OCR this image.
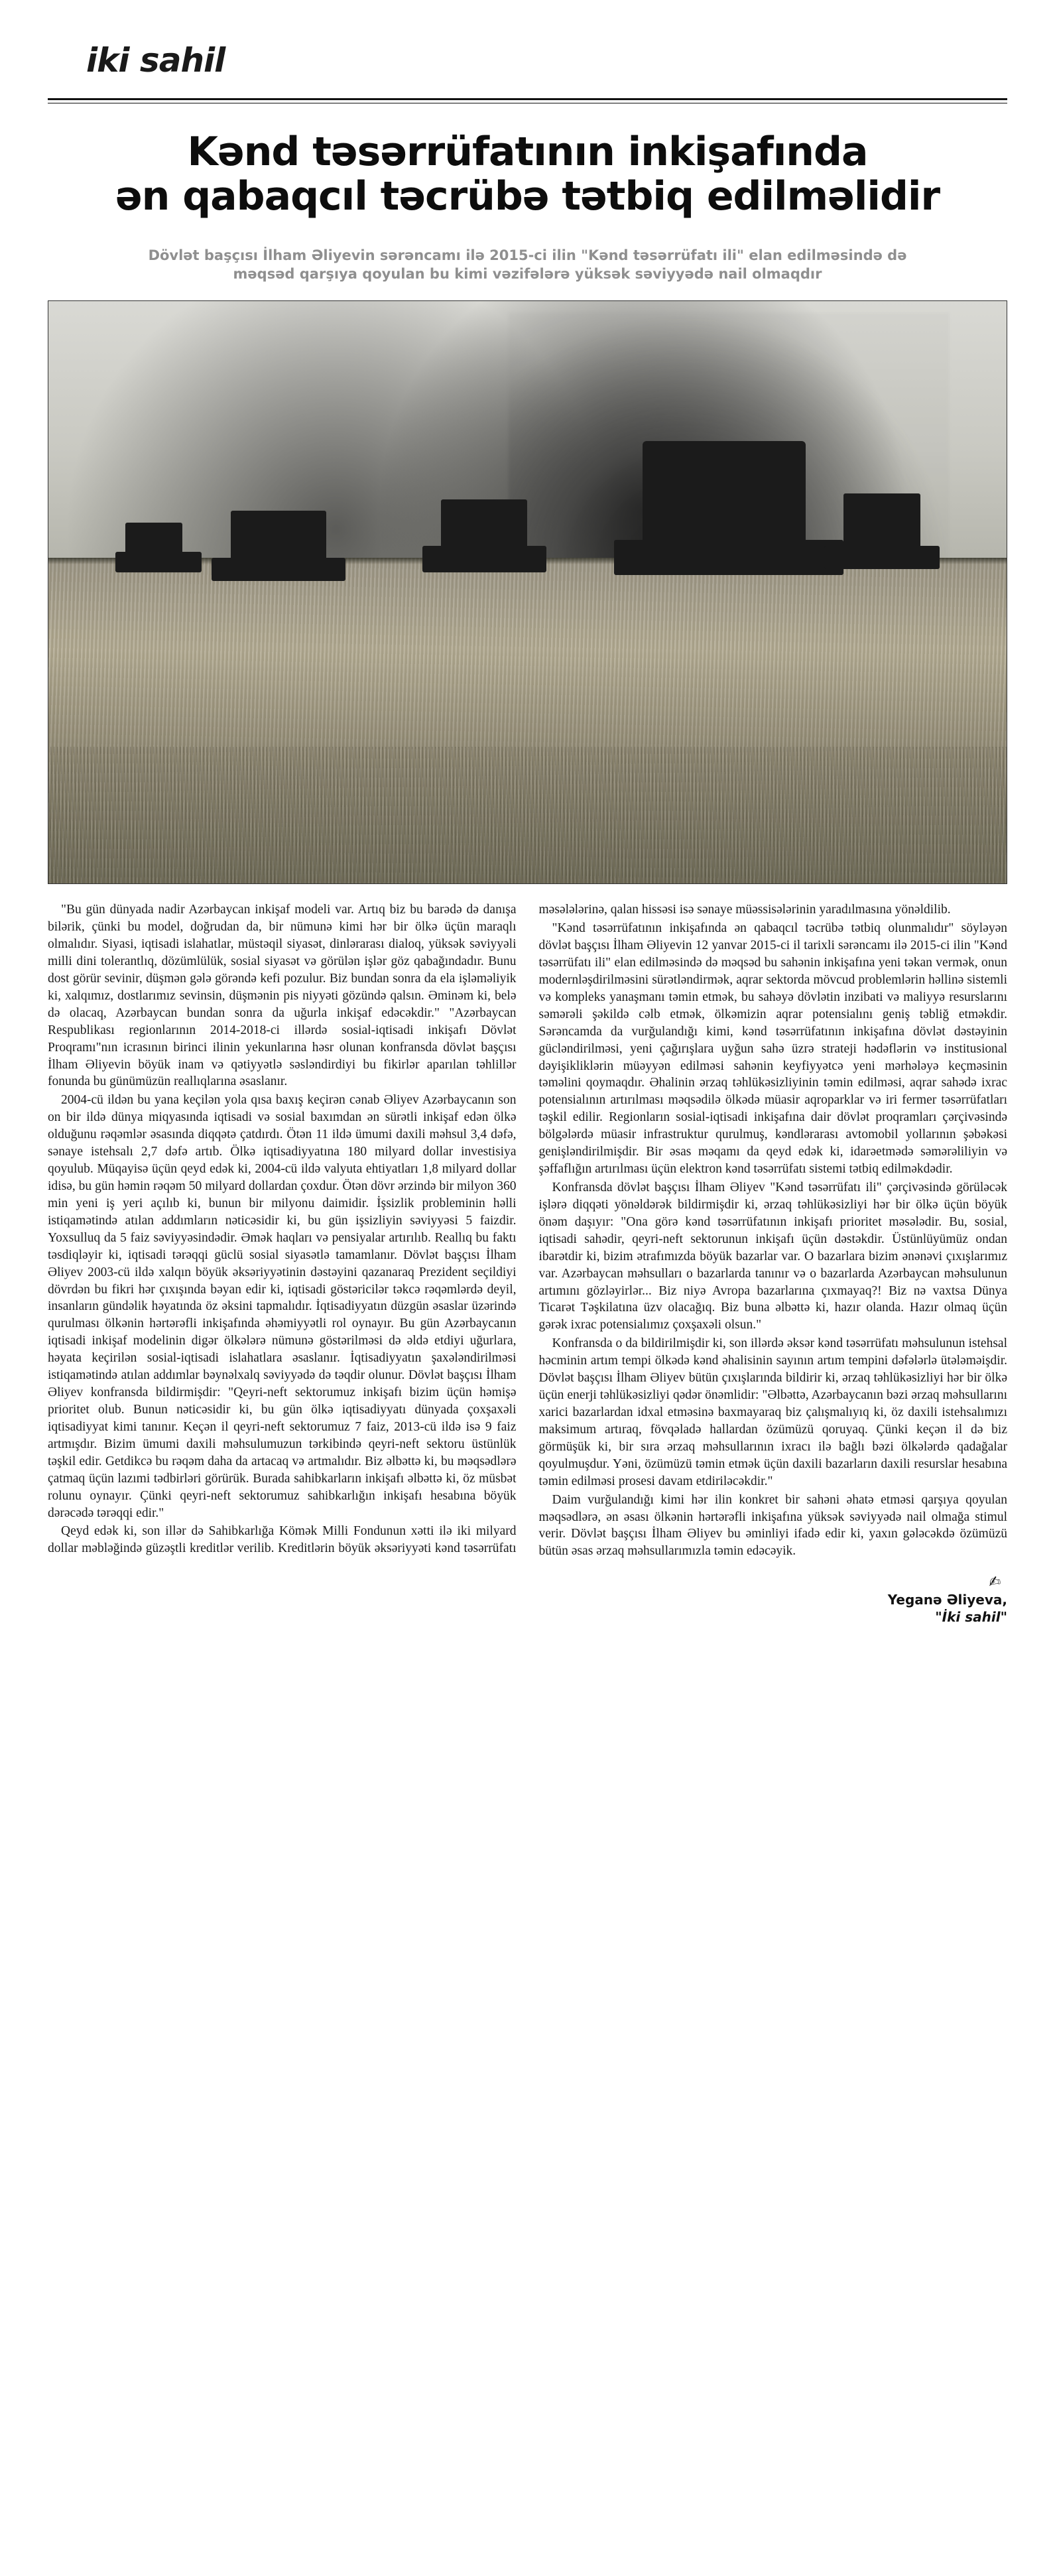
iki sahil
Kənd təsərrüfatının inkişafında
ən qabaqcıl təcrübə tətbiq edilməlidir
Dövlət başçısı İlham Əliyevin sərəncamı ilə 2015-ci ilin "Kənd təsərrüfatı ili" elan edilməsində də
məqsəd qarşıya qoyulan bu kimi vəzifələrə yüksək səviyyədə nail olmaqdır

"Bu gün dünyada nadir Azərbaycan inkişaf modeli var. Artıq biz bu barədə də danışa bilərik, çünki bu model, doğrudan da, bir nümunə kimi hər bir ölkə üçün maraqlı olmalıdır. Siyasi, iqtisadi islahatlar, müstəqil siyasət, dinlərarası dialoq, yüksək səviyyəli milli dini tolerantlıq, dözümlülük, sosial siyasət və görülən işlər göz qabağındadır. Bunu dost görür sevinir, düşmən gələ görəndə kefi pozulur. Biz bundan sonra da ela işləməliyik ki, xalqımız, dostlarımız sevinsin, düşmənin pis niyyəti gözündə qalsın. Əminəm ki, belə də olacaq, Azərbaycan bundan sonra da uğurla inkişaf edəcəkdir." "Azərbaycan Respublikası regionlarının 2014-2018-ci illərdə sosial-iqtisadi inkişafı Dövlət Proqramı"nın icrasının birinci ilinin yekunlarına həsr olunan konfransda dövlət başçısı İlham Əliyevin böyük inam və qətiyyətlə səsləndirdiyi bu fikirlər aparılan təhlillər fonunda bu günümüzün reallıqlarına əsaslanır.

2004-cü ildən bu yana keçilən yola qısa baxış keçirən cənab Əliyev Azərbaycanın son on bir ildə dünya miqyasında iqtisadi və sosial baxımdan ən sürətli inkişaf edən ölkə olduğunu rəqəmlər əsasında diqqətə çatdırdı. Ötən 11 ildə ümumi daxili məhsul 3,4 dəfə, sənaye istehsalı 2,7 dəfə artıb. Ölkə iqtisadiyyatına 180 milyard dollar investisiya qoyulub. Müqayisə üçün qeyd edək ki, 2004-cü ildə valyuta ehtiyatları 1,8 milyard dollar idisə, bu gün həmin rəqəm 50 milyard dollardan çoxdur. Ötən dövr ərzində bir milyon 360 min yeni iş yeri açılıb ki, bunun bir milyonu daimidir. İşsizlik probleminin həlli istiqamətində atılan addımların nəticəsidir ki, bu gün işsizliyin səviyyəsi 5 faizdir. Yoxsulluq da 5 faiz səviyyəsindədir. Əmək haqları və pensiyalar artırılıb. Reallıq bu faktı təsdiqləyir ki, iqtisadi tərəqqi güclü sosial siyasətlə tamamlanır. Dövlət başçısı İlham Əliyev 2003-cü ildə xalqın böyük əksəriyyətinin dəstəyini qazanaraq Prezident seçildiyi dövrdən bu fikri hər çıxışında bəyan edir ki, iqtisadi göstəricilər təkcə rəqəmlərdə deyil, insanların gündəlik həyatında öz əksini tapmalıdır. İqtisadiyyatın düzgün əsaslar üzərində qurulması ölkənin hərtərəfli inkişafında əhəmiyyətli rol oynayır. Bu gün Azərbaycanın iqtisadi inkişaf modelinin digər ölkələrə nümunə göstərilməsi də əldə etdiyi uğurlara, həyata keçirilən sosial-iqtisadi islahatlara əsaslanır. İqtisadiyyatın şaxələndirilməsi istiqamətində atılan addımlar bəynəlxalq səviyyədə də təqdir olunur. Dövlət başçısı İlham Əliyev konfransda bildirmişdir: "Qeyri-neft sektorumuz inkişafı bizim üçün həmişə prioritet olub. Bunun nəticəsidir ki, bu gün ölkə iqtisadiyyatı dünyada çoxşaxəli iqtisadiyyat kimi tanınır. Keçən il qeyri-neft sektorumuz 7 faiz, 2013-cü ildə isə 9 faiz artmışdır. Bizim ümumi daxili məhsulumuzun tərkibində qeyri-neft sektoru üstünlük təşkil edir. Getdikcə bu rəqəm daha da artacaq və artmalıdır. Biz əlbəttə ki, bu məqsədlərə çatmaq üçün lazımi tədbirləri görürük. Burada sahibkarların inkişafı əlbəttə ki, öz müsbət rolunu oynayır. Çünki qeyri-neft sektorumuz sahibkarlığın inkişafı hesabına böyük dərəcədə tərəqqi edir."

Qeyd edək ki, son illər də Sahibkarlığa Kömək Milli Fondunun xətti ilə iki milyard dollar məbləğində güzəştli kreditlər verilib. Kreditlərin böyük əksəriyyəti kənd təsərrüfatı məsələlərinə, qalan hissəsi isə sənaye müəssisələrinin yaradılmasına yönəldilib.

"Kənd təsərrüfatının inkişafında ən qabaqcıl təcrübə tətbiq olunmalıdır" söyləyən dövlət başçısı İlham Əliyevin 12 yanvar 2015-ci il tarixli sərəncamı ilə 2015-ci ilin "Kənd təsərrüfatı ili" elan edilməsində də məqsəd bu sahənin inkişafına yeni təkan vermək, onun modernləşdirilməsini sürətləndirmək, aqrar sektorda mövcud problemlərin həllinə sistemli və kompleks yanaşmanı təmin etmək, bu sahəyə dövlətin inzibati və maliyyə resurslarını səmərəli şəkildə cəlb etmək, ölkəmizin aqrar potensialını geniş təbliğ etməkdir. Sərəncamda da vurğulandığı kimi, kənd təsərrüfatının inkişafına dövlət dəstəyinin gücləndirilməsi, yeni çağırışlara uyğun sahə üzrə strateji hədəflərin və institusional dəyişikliklərin müəyyən edilməsi sahənin keyfiyyətcə yeni mərhələyə keçməsinin təməlini qoymaqdır. Əhalinin ərzaq təhlükəsizliyinin təmin edilməsi, aqrar sahədə ixrac potensialının artırılması məqsədilə ölkədə müasir aqroparklar və iri fermer təsərrüfatları təşkil edilir. Regionların sosial-iqtisadi inkişafına dair dövlət proqramları çərçivəsində bölgələrdə müasir infrastruktur qurulmuş, kəndlərarası avtomobil yollarının şəbəkəsi genişləndirilmişdir. Bir əsas məqamı da qeyd edək ki, idarəetmədə səmərəliliyin və şəffaflığın artırılması üçün elektron kənd təsərrüfatı sistemi tətbiq edilməkdədir.

Konfransda dövlət başçısı İlham Əliyev "Kənd təsərrüfatı ili" çərçivəsində görüləcək işlərə diqqəti yönəldərək bildirmişdir ki, ərzaq təhlükəsizliyi hər bir ölkə üçün böyük önəm daşıyır: "Ona görə kənd təsərrüfatının inkişafı prioritet məsələdir. Bu, sosial, iqtisadi sahədir, qeyri-neft sektorunun inkişafı üçün dəstəkdir. Üstünlüyümüz ondan ibarətdir ki, bizim ətrafımızda böyük bazarlar var. O bazarlara bizim ənənəvi çıxışlarımız var. Azərbaycan məhsulları o bazarlarda tanınır və o bazarlarda Azərbaycan məhsulunun artımını gözləyirlər... Biz niyə Avropa bazarlarına çıxmayaq?! Biz nə vaxtsa Dünya Ticarət Təşkilatına üzv olacağıq. Biz buna əlbəttə ki, hazır olanda. Hazır olmaq üçün gərək ixrac potensialımız çoxşaxəli olsun."

Konfransda o da bildirilmişdir ki, son illərdə əksər kənd təsərrüfatı məhsulunun istehsal həcminin artım tempi ölkədə kənd əhalisinin sayının artım tempini dəfələrlə ütələməişdir. Dövlət başçısı İlham Əliyev bütün çıxışlarında bildirir ki, ərzaq təhlükəsizliyi hər bir ölkə üçün enerji təhlükəsizliyi qədər önəmlidir: "Əlbəttə, Azərbaycanın bəzi ərzaq məhsullarını xarici bazarlardan idxal etməsinə baxmayaraq biz çalışmalıyıq ki, öz daxili istehsalımızı maksimum artıraq, fövqəladə hallardan özümüzü qoruyaq. Çünki keçən il də biz görmüşük ki, bir sıra ərzaq məhsullarının ixracı ilə bağlı bəzi ölkələrdə qadağalar qoyulmuşdur. Yəni, özümüzü təmin etmək üçün daxili bazarların daxili resurslar hesabına təmin edilməsi prosesi davam etdiriləcəkdir."

Daim vurğulandığı kimi hər ilin konkret bir sahəni əhatə etməsi qarşıya qoyulan məqsədlərə, ən əsası ölkənin hərtərəfli inkişafına yüksək səviyyədə nail olmağa stimul verir. Dövlət başçısı İlham Əliyev bu əminliyi ifadə edir ki, yaxın gələcəkdə özümüzü bütün əsas ərzaq məhsullarımızla təmin edəcəyik.

✍
Yeganə Əliyeva,
"İki sahil"
